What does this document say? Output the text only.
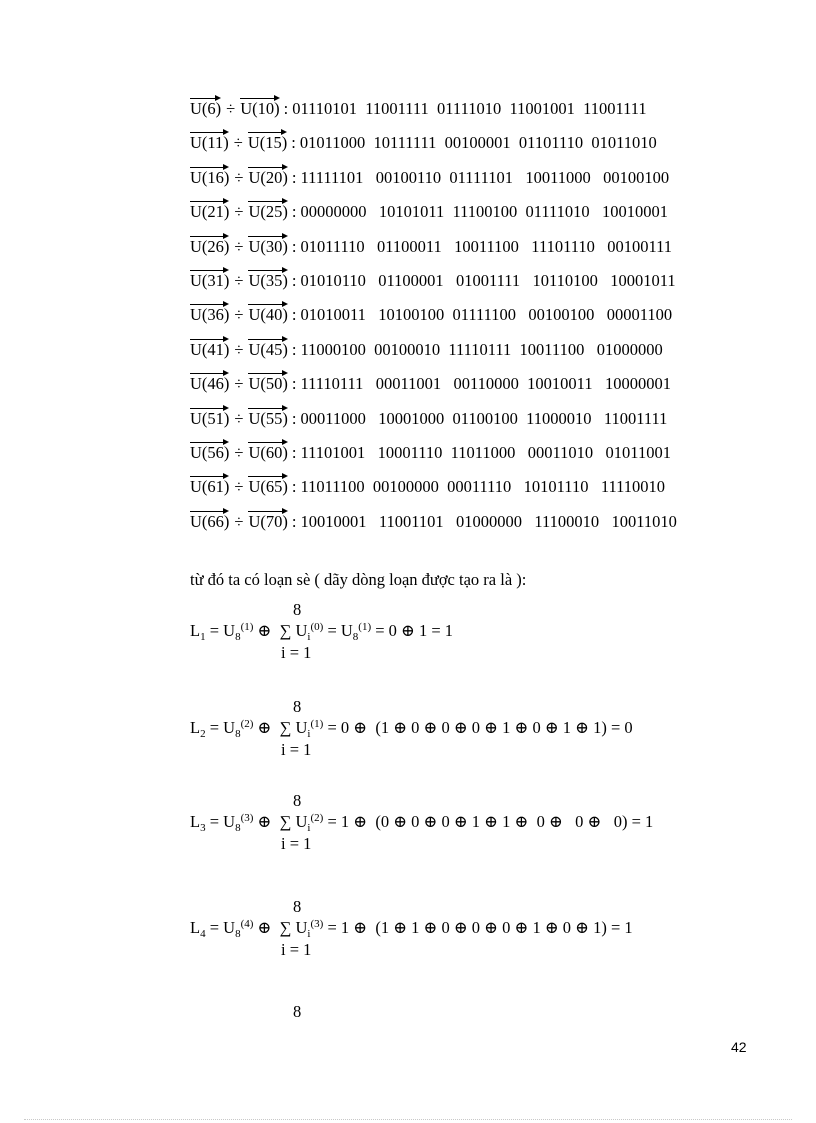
U(6) ÷ U(10) : 01110101  11001111  01111010  11001001  11001111
U(11) ÷ U(15) : 01011000  10111111  00100001  01101110  01011010
U(16) ÷ U(20) : 11111101   00100110  01111101   10011000   00100100
U(21) ÷ U(25) : 00000000   10101011  11100100  01111010   10010001
U(26) ÷ U(30) : 01011110   01100011   10011100   11101110   00100111
U(31) ÷ U(35) : 01010110   01100001   01001111   10110100   10001011
U(36) ÷ U(40) : 01010011   10100100  01111100   00100100   00001100
U(41) ÷ U(45) : 11000100  00100010  11110111  10011100   01000000
U(46) ÷ U(50) : 11110111   00011001   00110000  10010011   10000001
U(51) ÷ U(55) : 00011000   10001000  01100100  11000010   11001111
U(56) ÷ U(60) : 11101001   10001110  11011000   00011010   01011001
U(61) ÷ U(65) : 11011100  00100000  00011110   10101110   11110010
U(66) ÷ U(70) : 10010001   11001101   01000000   11100010   10011010
từ đó ta có loạn sè ( dãy dòng loạn được tạo ra là ):
8
$L_1 = U_8^{(1)}$ ⊕  ∑ $U_i^{(0)} = U_8^{(1)} = 0$ ⊕ 1 = 1
i = 1
8
$L_2 = U_8^{(2)}$ ⊕  ∑ $U_i^{(1)} = 0$ ⊕  (1 ⊕ 0 ⊕ 0 ⊕ 0 ⊕ 1 ⊕ 0 ⊕ 1 ⊕ 1) = 0
i = 1
8
$L_3 = U_8^{(3)}$ ⊕  ∑ $U_i^{(2)} = 1$ ⊕  (0 ⊕ 0 ⊕ 0 ⊕ 1 ⊕ 1 ⊕  0 ⊕   0 ⊕   0) = 1
i = 1
8
$L_4 = U_8^{(4)}$ ⊕  ∑ $U_i^{(3)} = 1$ ⊕  (1 ⊕ 1 ⊕ 0 ⊕ 0 ⊕ 0 ⊕ 1 ⊕ 0 ⊕ 1) = 1
i = 1
8
42
